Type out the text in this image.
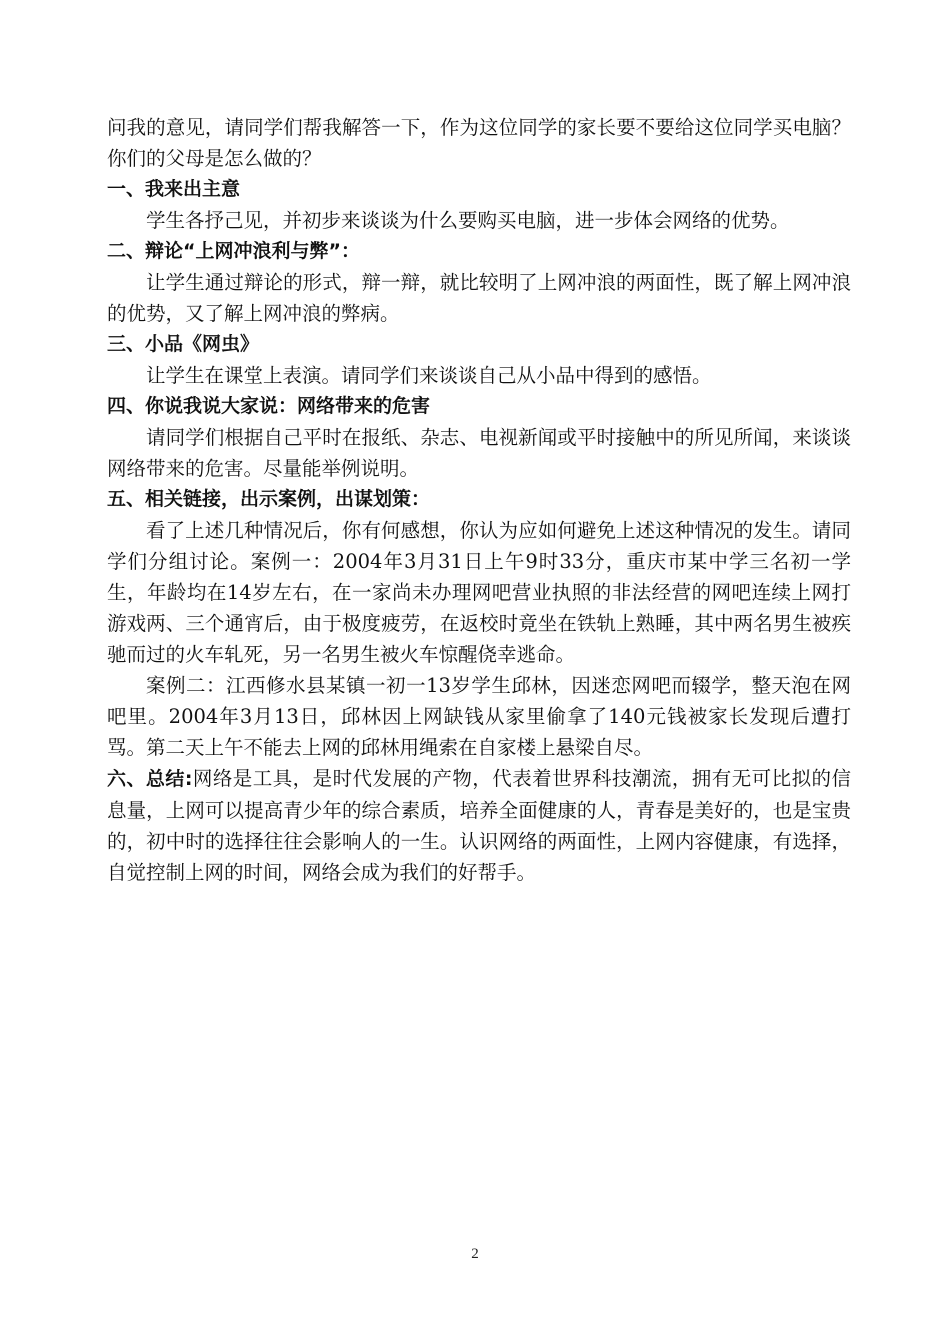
问我的意见，请同学们帮我解答一下，作为这位同学的家长要不要给这位同学买电脑？你们的父母是怎么做的？

一、我来出主意

学生各抒己见，并初步来谈谈为什么要购买电脑，进一步体会网络的优势。

二、辩论“上网冲浪利与弊”：

让学生通过辩论的形式，辩一辩，就比较明了上网冲浪的两面性，既了解上网冲浪的优势，又了解上网冲浪的弊病。

三、小品《网虫》

让学生在课堂上表演。请同学们来谈谈自己从小品中得到的感悟。

四、你说我说大家说：网络带来的危害

请同学们根据自己平时在报纸、杂志、电视新闻或平时接触中的所见所闻，来谈谈网络带来的危害。尽量能举例说明。

五、相关链接，出示案例，出谋划策：

看了上述几种情况后，你有何感想，你认为应如何避免上述这种情况的发生。请同学们分组讨论。案例一：2004年3月31日上午9时33分，重庆市某中学三名初一学生，年龄均在14岁左右，在一家尚未办理网吧营业执照的非法经营的网吧连续上网打游戏两、三个通宵后，由于极度疲劳，在返校时竟坐在铁轨上熟睡，其中两名男生被疾驰而过的火车轧死，另一名男生被火车惊醒侥幸逃命。

案例二：江西修水县某镇一初一13岁学生邱林，因迷恋网吧而辍学，整天泡在网吧里。2004年3月13日，邱林因上网缺钱从家里偷拿了140元钱被家长发现后遭打骂。第二天上午不能去上网的邱林用绳索在自家楼上悬梁自尽。

六、总结:网络是工具，是时代发展的产物，代表着世界科技潮流，拥有无可比拟的信息量，上网可以提高青少年的综合素质，培养全面健康的人，青春是美好的，也是宝贵的，初中时的选择往往会影响人的一生。认识网络的两面性，上网内容健康，有选择，自觉控制上网的时间，网络会成为我们的好帮手。

2
